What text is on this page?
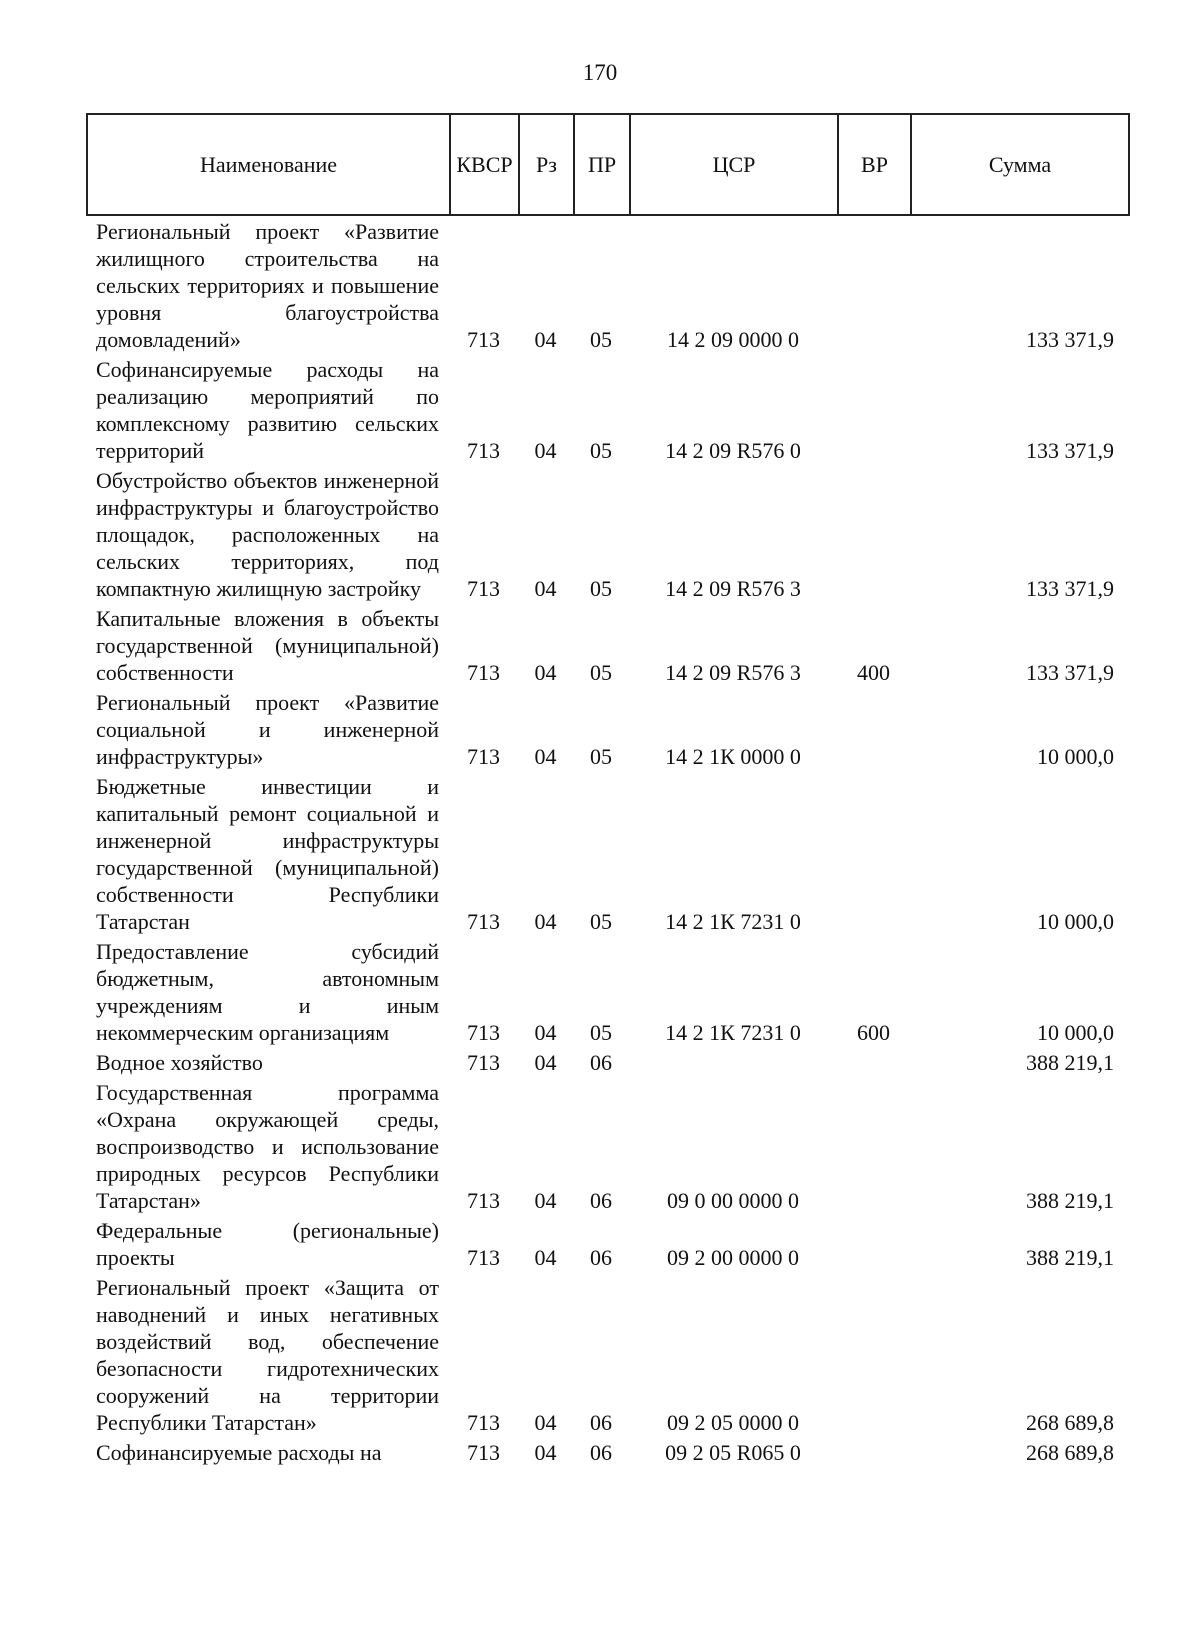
170
Наименование	КВСР	Рз	ПР	ЦСР	ВР	Сумма
Региональный проект «Развитие жилищного строительства на сельских территориях и повышение уровня благоустройства домовладений»	713	04	05	14 2 09 0000 0		133 371,9
Софинансируемые расходы на реализацию мероприятий по комплексному развитию сельских территорий	713	04	05	14 2 09 R576 0		133 371,9
Обустройство объектов инженерной инфраструктуры и благоустройство площадок, расположенных на сельских территориях, под компактную жилищную застройку	713	04	05	14 2 09 R576 3		133 371,9
Капитальные вложения в объекты государственной (муниципальной) собственности	713	04	05	14 2 09 R576 3	400	133 371,9
Региональный проект «Развитие социальной и инженерной инфраструктуры»	713	04	05	14 2 1К 0000 0		10 000,0
Бюджетные инвестиции и капитальный ремонт социальной и инженерной инфраструктуры государственной (муниципальной) собственности Республики Татарстан	713	04	05	14 2 1К 7231 0		10 000,0
Предоставление субсидий бюджетным, автономным учреждениям и иным некоммерческим организациям	713	04	05	14 2 1К 7231 0	600	10 000,0
Водное хозяйство	713	04	06			388 219,1
Государственная программа «Охрана окружающей среды, воспроизводство и использование природных ресурсов Республики Татарстан»	713	04	06	09 0 00 0000 0		388 219,1
Федеральные (региональные) проекты	713	04	06	09 2 00 0000 0		388 219,1
Региональный проект «Защита от наводнений и иных негативных воздействий вод, обеспечение безопасности гидротехнических сооружений на территории Республики Татарстан»	713	04	06	09 2 05 0000 0		268 689,8
Софинансируемые расходы на	713	04	06	09 2 05 R065 0		268 689,8
